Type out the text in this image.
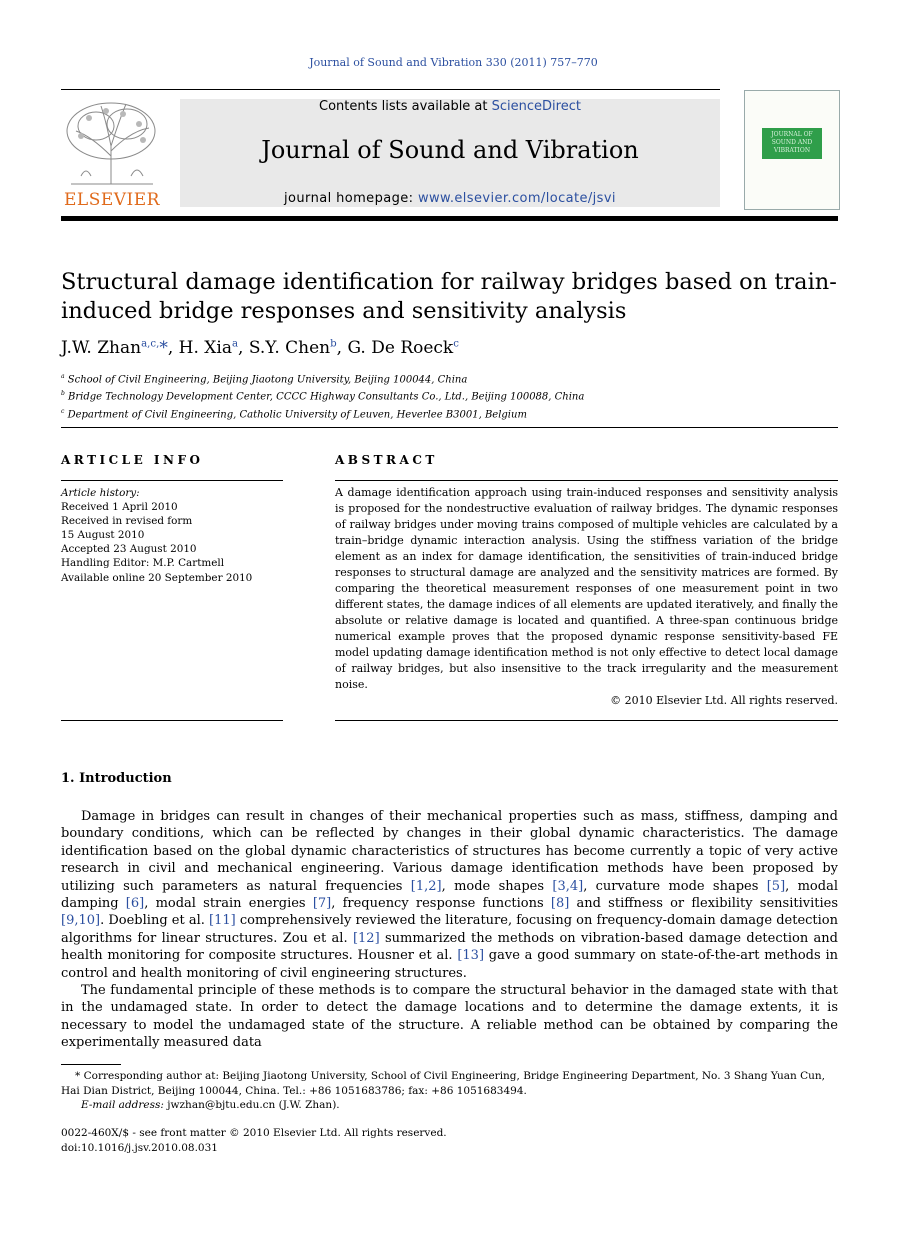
Journal of Sound and Vibration 330 (2011) 757–770
ELSEVIER
Contents lists available at ScienceDirect
Journal of Sound and Vibration
journal homepage: www.elsevier.com/locate/jsvi
JOURNAL OF SOUND AND VIBRATION
Structural damage identification for railway bridges based on train-induced bridge responses and sensitivity analysis
J.W. Zhan$^{a,c,}$*, H. Xia$^a$, S.Y. Chen$^b$, G. De Roeck$^c$
$^a$ School of Civil Engineering, Beijing Jiaotong University, Beijing 100044, China
$^b$ Bridge Technology Development Center, CCCC Highway Consultants Co., Ltd., Beijing 100088, China
$^c$ Department of Civil Engineering, Catholic University of Leuven, Heverlee B3001, Belgium
ARTICLE INFO
Article history:
Received 1 April 2010
Received in revised form
15 August 2010
Accepted 23 August 2010
Handling Editor: M.P. Cartmell
Available online 20 September 2010
ABSTRACT
A damage identification approach using train-induced responses and sensitivity analysis is proposed for the nondestructive evaluation of railway bridges. The dynamic responses of railway bridges under moving trains composed of multiple vehicles are calculated by a train–bridge dynamic interaction analysis. Using the stiffness variation of the bridge element as an index for damage identification, the sensitivities of train-induced bridge responses to structural damage are analyzed and the sensitivity matrices are formed. By comparing the theoretical measurement responses of one measurement point in two different states, the damage indices of all elements are updated iteratively, and finally the absolute or relative damage is located and quantified. A three-span continuous bridge numerical example proves that the proposed dynamic response sensitivity-based FE model updating damage identification method is not only effective to detect local damage of railway bridges, but also insensitive to the track irregularity and the measurement noise.
© 2010 Elsevier Ltd. All rights reserved.
1. Introduction

Damage in bridges can result in changes of their mechanical properties such as mass, stiffness, damping and boundary conditions, which can be reflected by changes in their global dynamic characteristics. The damage identification based on the global dynamic characteristics of structures has become currently a topic of very active research in civil and mechanical engineering. Various damage identification methods have been proposed by utilizing such parameters as natural frequencies [1,2], mode shapes [3,4], curvature mode shapes [5], modal damping [6], modal strain energies [7], frequency response functions [8] and stiffness or flexibility sensitivities [9,10]. Doebling et al. [11] comprehensively reviewed the literature, focusing on frequency-domain damage detection algorithms for linear structures. Zou et al. [12] summarized the methods on vibration-based damage detection and health monitoring for composite structures. Housner et al. [13] gave a good summary on state-of-the-art methods in control and health monitoring of civil engineering structures.

The fundamental principle of these methods is to compare the structural behavior in the damaged state with that in the undamaged state. In order to detect the damage locations and to determine the damage extents, it is necessary to model the undamaged state of the structure. A reliable method can be obtained by comparing the experimentally measured data

* Corresponding author at: Beijing Jiaotong University, School of Civil Engineering, Bridge Engineering Department, No. 3 Shang Yuan Cun, Hai Dian District, Beijing 100044, China. Tel.: +86 1051683786; fax: +86 1051683494.

E-mail address: jwzhan@bjtu.edu.cn (J.W. Zhan).

0022-460X/$ - see front matter © 2010 Elsevier Ltd. All rights reserved.
doi:10.1016/j.jsv.2010.08.031
